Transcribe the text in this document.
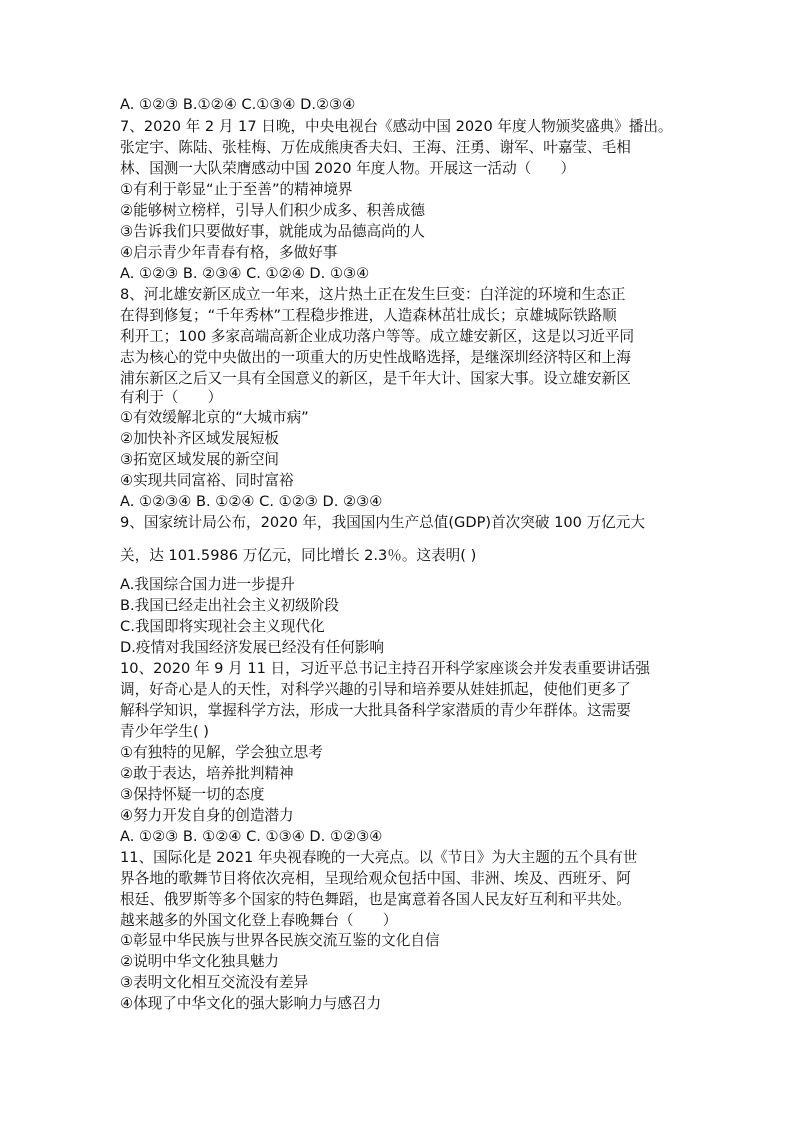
A. ①②③ B.①②④ C.①③④ D.②③④
7、2020 年 2 月 17 日晚，中央电视台《感动中国 2020 年度人物颁奖盛典》播出。
张定宇、陈陆、张桂梅、万佐成熊庚香夫妇、王海、汪勇、谢军、叶嘉莹、毛相
林、国测一大队荣膺感动中国 2020 年度人物。开展这一活动（　　）
①有利于彰显“止于至善”的精神境界
②能够树立榜样，引导人们积少成多、积善成德
③告诉我们只要做好事，就能成为品德高尚的人
④启示青少年青春有格，多做好事
A. ①②③ B. ②③④ C. ①②④ D. ①③④
8、河北雄安新区成立一年来，这片热土正在发生巨变：白洋淀的环境和生态正
在得到修复；“千年秀林”工程稳步推进，人造森林茁壮成长；京雄城际铁路顺
利开工；100 多家高端高新企业成功落户等等。成立雄安新区，这是以习近平同
志为核心的党中央做出的一项重大的历史性战略选择，是继深圳经济特区和上海
浦东新区之后又一具有全国意义的新区，是千年大计、国家大事。设立雄安新区
有利于（　　）
①有效缓解北京的“大城市病”
②加快补齐区域发展短板
③拓宽区域发展的新空间
④实现共同富裕、同时富裕
A. ①②③④ B. ①②④ C. ①②③ D. ②③④
9、国家统计局公布，2020 年，我国国内生产总值(GDP)首次突破 100 万亿元大
关，达 101.5986 万亿元，同比增长 2.3％。这表明( )
A.我国综合国力进一步提升
B.我国已经走出社会主义初级阶段
C.我国即将实现社会主义现代化
D.疫情对我国经济发展已经没有任何影响
10、2020 年 9 月 11 日，习近平总书记主持召开科学家座谈会并发表重要讲话强
调，好奇心是人的天性，对科学兴趣的引导和培养要从娃娃抓起，使他们更多了
解科学知识，掌握科学方法，形成一大批具备科学家潜质的青少年群体。这需要
青少年学生( )
①有独特的见解，学会独立思考
②敢于表达，培养批判精神
③保持怀疑一切的态度
④努力开发自身的创造潜力
A. ①②③ B. ①②④ C. ①③④ D. ①②③④
11、国际化是 2021 年央视春晚的一大亮点。以《节日》为大主题的五个具有世
界各地的歌舞节目将依次亮相，呈现给观众包括中国、非洲、埃及、西班牙、阿
根廷、俄罗斯等多个国家的特色舞蹈，也是寓意着各国人民友好互利和平共处。
越来越多的外国文化登上春晚舞台（　　）
①彰显中华民族与世界各民族交流互鉴的文化自信
②说明中华文化独具魅力
③表明文化相互交流没有差异
④体现了中华文化的强大影响力与感召力
